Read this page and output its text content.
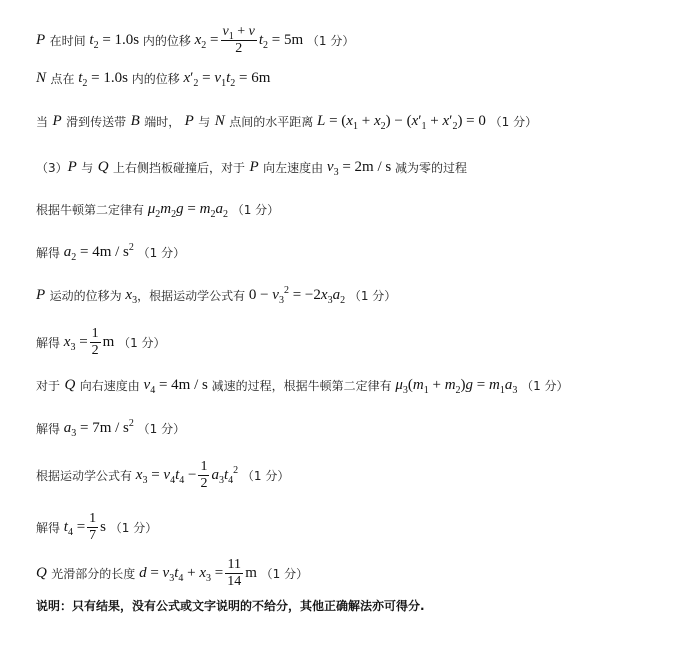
P
在时间 $t_2 = 1.0s$ 内的位移 $x_2 = \frac{v_1 + v}{2} t_2 = 5m$ （1 分）
N
点在 $t_2 = 1.0s$ 内的位移 $x'_2 = v_1t_2 = 6m$
当
P
滑到传送带
B
端时，
P
与
N
点间的水平距离 $L = (x_1 + x_2) - (x'_1 + x'_2) = 0$ （1 分）
（3） P
与
Q
上右侧挡板碰撞后，对于
P
向左速度由 $v_3 = 2m / s$ 减为零的过程
根据牛顿第二定律有 $\mu_2m_2g = m_2a_2$ （1 分）
解得 $a_2 = 4m / s^2$ （1 分）
P
运动的位移为 $x_3$ ，根据运动学公式有 $0 - v_3^2 = -2x_3a_2$ （1 分）
解得 $x_3 = \frac{1}{2}$ m （1 分）
对于
Q
向右速度由 $v_4 = 4m / s$ 减速的过程，根据牛顿第二定律有 $\mu_3(m_1 + m_2)g = m_1a_3$ （1 分）
解得 $a_3 = 7m / s^2$ （1 分）
根据运动学公式有 $x_3 = v_4t_4 - \frac{1}{2} a_3t_4^2$ （1 分）
解得 $t_4 = \frac{1}{7}$ s （1 分）
Q
光滑部分的长度 $d = v_3t_4 + x_3 = \frac{11}{14}$ m （1 分）
说明：只有结果，没有公式或文字说明的不给分，其他正确解法亦可得分.
